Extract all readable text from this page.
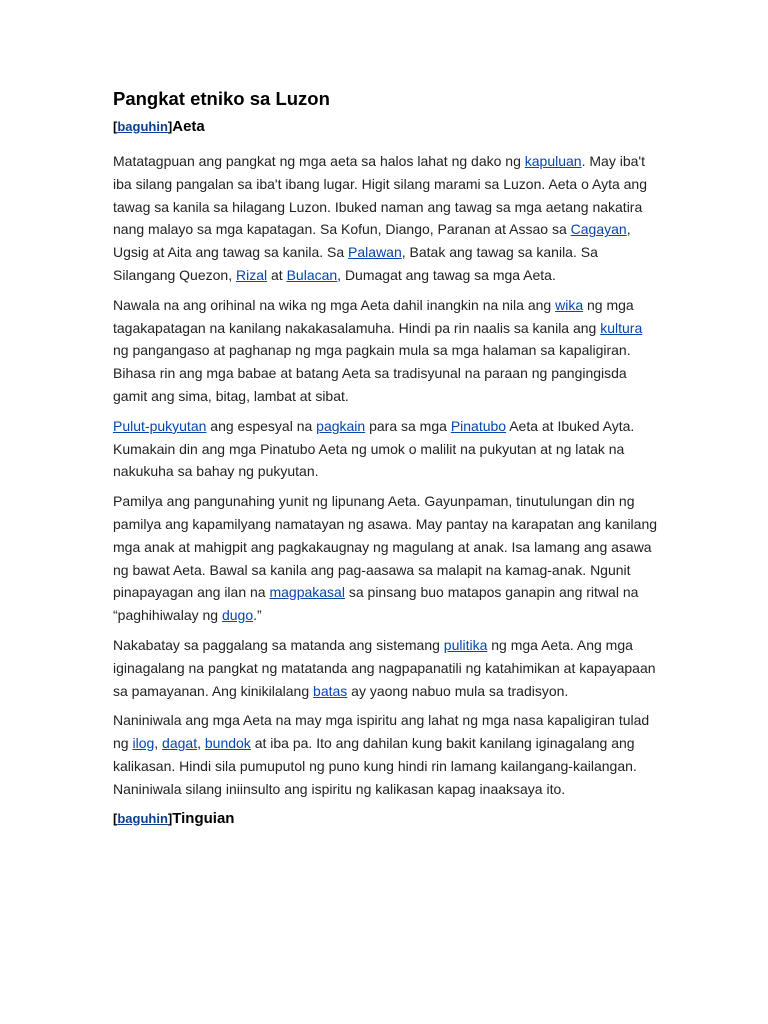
Pangkat etniko sa Luzon
[baguhin]Aeta

Matatagpuan ang pangkat ng mga aeta sa halos lahat ng dako ng kapuluan. May iba't iba silang pangalan sa iba't ibang lugar. Higit silang marami sa Luzon. Aeta o Ayta ang tawag sa kanila sa hilagang Luzon. Ibuked naman ang tawag sa mga aetang nakatira nang malayo sa mga kapatagan. Sa Kofun, Diango, Paranan at Assao sa Cagayan, Ugsig at Aita ang tawag sa kanila. Sa Palawan, Batak ang tawag sa kanila. Sa Silangang Quezon, Rizal at Bulacan, Dumagat ang tawag sa mga Aeta.

Nawala na ang orihinal na wika ng mga Aeta dahil inangkin na nila ang wika ng mga tagakapatagan na kanilang nakakasalamuha. Hindi pa rin naalis sa kanila ang kultura ng pangangaso at paghanap ng mga pagkain mula sa mga halaman sa kapaligiran. Bihasa rin ang mga babae at batang Aeta sa tradisyunal na paraan ng pangingisda gamit ang sima, bitag, lambat at sibat.

Pulut-pukyutan ang espesyal na pagkain para sa mga Pinatubo Aeta at Ibuked Ayta. Kumakain din ang mga Pinatubo Aeta ng umok o malilit na pukyutan at ng latak na nakukuha sa bahay ng pukyutan.

Pamilya ang pangunahing yunit ng lipunang Aeta. Gayunpaman, tinutulungan din ng pamilya ang kapamilyang namatayan ng asawa. May pantay na karapatan ang kanilang mga anak at mahigpit ang pagkakaugnay ng magulang at anak. Isa lamang ang asawa ng bawat Aeta. Bawal sa kanila ang pag-aasawa sa malapit na kamag-anak. Ngunit pinapayagan ang ilan na magpakasal sa pinsang buo matapos ganapin ang ritwal na “paghihiwalay ng dugo.”

Nakabatay sa paggalang sa matanda ang sistemang pulitika ng mga Aeta. Ang mga iginagalang na pangkat ng matatanda ang nagpapanatili ng katahimikan at kapayapaan sa pamayanan. Ang kinikilalang batas ay yaong nabuo mula sa tradisyon.

Naniniwala ang mga Aeta na may mga ispiritu ang lahat ng mga nasa kapaligiran tulad ng ilog, dagat, bundok at iba pa. Ito ang dahilan kung bakit kanilang iginagalang ang kalikasan. Hindi sila pumuputol ng puno kung hindi rin lamang kailangang-kailangan. Naniniwala silang iniinsulto ang ispiritu ng kalikasan kapag inaaksaya ito.

[baguhin]Tinguian
